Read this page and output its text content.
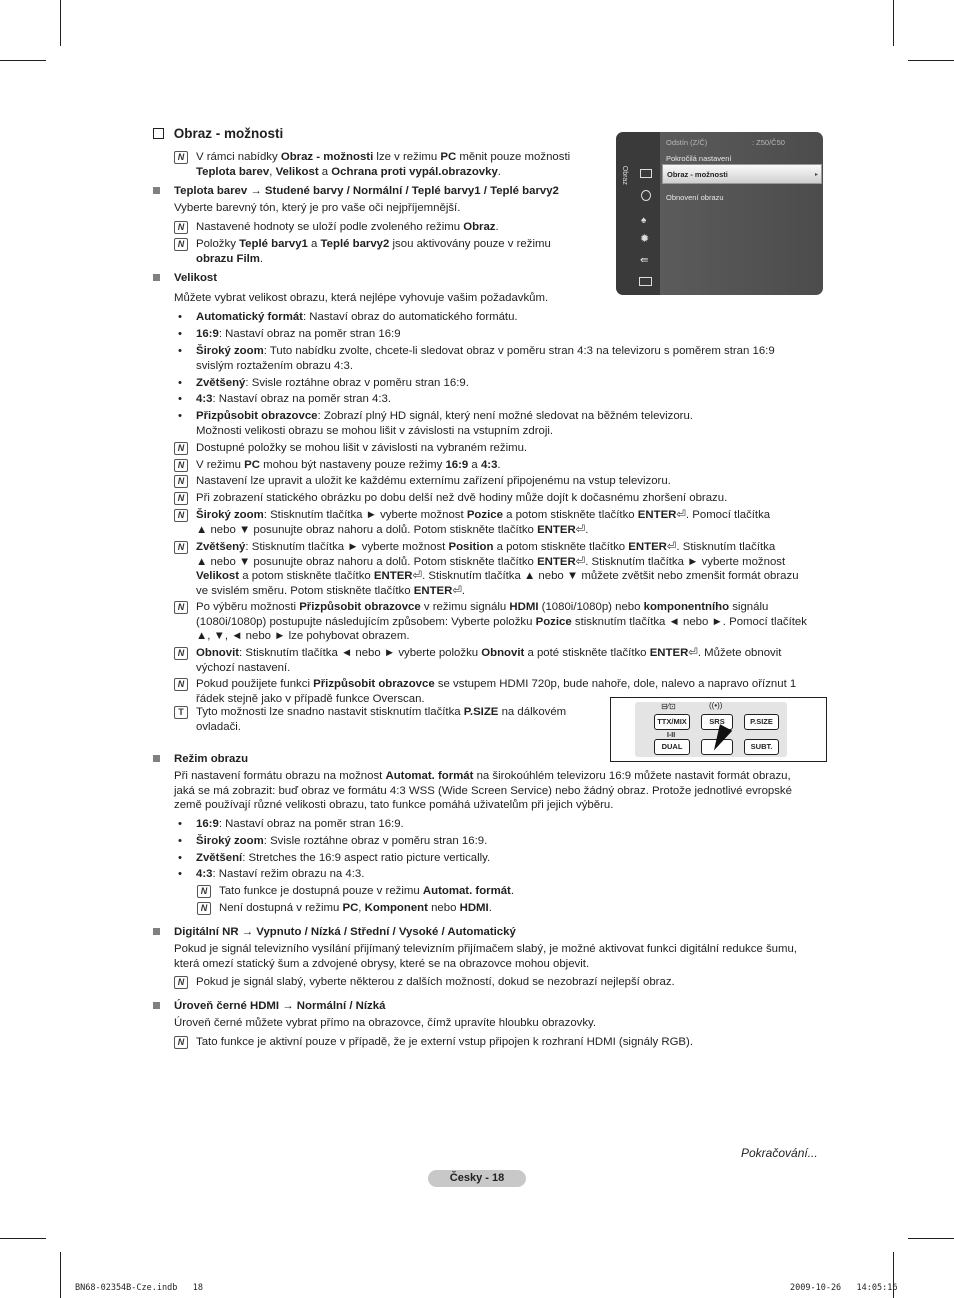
Obraz - možnosti
Obraz
♠
✹
⇚
Odstín (Z/Č)	: Z50/Č50
Pokročilá nastavení
Obraz - možnosti	▸
Obnovení obrazu
N V rámci nabídky Obraz - možnosti lze v režimu PC měnit pouze možnosti
Teplota barev, Velikost a Ochrana proti vypál.obrazovky.
Teplota barev → Studené barvy / Normální / Teplé barvy1 / Teplé barvy2
Vyberte barevný tón, který je pro vaše oči nejpříjemnější.
N Nastavené hodnoty se uloží podle zvoleného režimu Obraz.
N Položky Teplé barvy1 a Teplé barvy2 jsou aktivovány pouze v režimu
obrazu Film.
Velikost
Můžete vybrat velikost obrazu, která nejlépe vyhovuje vašim požadavkům.
• Automatický formát: Nastaví obraz do automatického formátu.
• 16:9: Nastaví obraz na poměr stran 16:9
• Široký zoom: Tuto nabídku zvolte, chcete-li sledovat obraz v poměru stran 4:3 na televizoru s poměrem stran 16:9
svislým roztažením obrazu 4:3.
• Zvětšený: Svisle roztáhne obraz v poměru stran 16:9.
• 4:3: Nastaví obraz na poměr stran 4:3.
• Přizpůsobit obrazovce: Zobrazí plný HD signál, který není možné sledovat na běžném televizoru.
Možnosti velikosti obrazu se mohou lišit v závislosti na vstupním zdroji.
N Dostupné položky se mohou lišit v závislosti na vybraném režimu.
N V režimu PC mohou být nastaveny pouze režimy 16:9 a 4:3.
N Nastavení lze upravit a uložit ke každému externímu zařízení připojenému na vstup televizoru.
N Při zobrazení statického obrázku po dobu delší než dvě hodiny může dojít k dočasnému zhoršení obrazu.
N Široký zoom: Stisknutím tlačítka ► vyberte možnost Pozice a potom stiskněte tlačítko ENTER⏎. Pomocí tlačítka
▲ nebo ▼ posunujte obraz nahoru a dolů. Potom stiskněte tlačítko ENTER⏎.
N Zvětšený: Stisknutím tlačítka ► vyberte možnost Position a potom stiskněte tlačítko ENTER⏎. Stisknutím tlačítka
▲ nebo ▼ posunujte obraz nahoru a dolů. Potom stiskněte tlačítko ENTER⏎. Stisknutím tlačítka ► vyberte možnost
Velikost a potom stiskněte tlačítko ENTER⏎. Stisknutím tlačítka ▲ nebo ▼ můžete zvětšit nebo zmenšit formát obrazu
ve svislém směru. Potom stiskněte tlačítko ENTER⏎.
N Po výběru možnosti Přizpůsobit obrazovce v režimu signálu HDMI (1080i/1080p) nebo komponentního signálu
(1080i/1080p) postupujte následujícím způsobem: Vyberte položku Pozice stisknutím tlačítka ◄ nebo ►. Pomocí tlačítek
▲, ▼, ◄ nebo ► lze pohybovat obrazem.
N Obnovit: Stisknutím tlačítka ◄ nebo ► vyberte položku Obnovit a poté stiskněte tlačítko ENTER⏎. Můžete obnovit
výchozí nastavení.
N Pokud použijete funkci Přizpůsobit obrazovce se vstupem HDMI 720p, bude nahoře, dole, nalevo a napravo oříznut 1
řádek stejně jako v případě funkce Overscan.
T Tyto možnosti lze snadno nastavit stisknutím tlačítka P.SIZE na dálkovém
ovladači.
Režim obrazu
Při nastavení formátu obrazu na možnost Automat. formát na širokoúhlém televizoru 16:9 můžete nastavit formát obrazu,
jaká se má zobrazit: buď obraz ve formátu 4:3 WSS (Wide Screen Service) nebo žádný obraz. Protože jednotlivé evropské
země používají různé velikosti obrazu, tato funkce pomáhá uživatelům při jejich výběru.
• 16:9: Nastaví obraz na poměr stran 16:9.
• Široký zoom: Svisle roztáhne obraz v poměru stran 16:9.
• Zvětšení: Stretches the 16:9 aspect ratio picture vertically.
• 4:3: Nastaví režim obrazu na 4:3.
N Tato funkce je dostupná pouze v režimu Automat. formát.
N Není dostupná v režimu PC, Komponent nebo HDMI.
Digitální NR → Vypnuto / Nízká / Střední / Vysoké / Automatický
Pokud je signál televizního vysílání přijímaný televizním přijímačem slabý, je možné aktivovat funkci digitální redukce šumu,
která omezí statický šum a zdvojené obrysy, které se na obrazovce mohou objevit.
N Pokud je signál slabý, vyberte některou z dalších možností, dokud se nezobrazí nejlepší obraz.
Úroveň černé HDMI → Normální / Nízká
Úroveň černé můžete vybrat přímo na obrazovce, čímž upravíte hloubku obrazovky.
N Tato funkce je aktivní pouze v případě, že je externí vstup připojen k rozhraní HDMI (signály RGB).
⊟⁄⊡	((•))
TTX/MIX	SRS	P.SIZE
I-II
DUAL	SUBT.
Pokračování...
Česky - 18
BN68-02354B-Cze.indb   18	2009-10-26   14:05:16
